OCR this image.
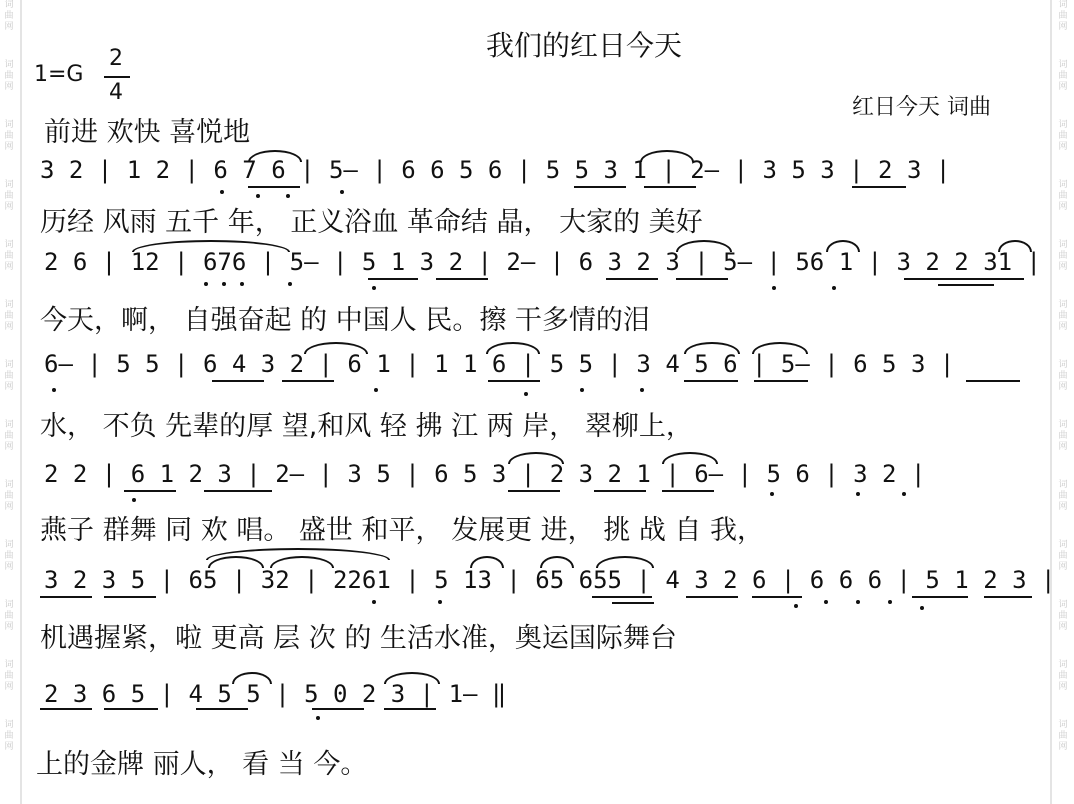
词曲网
词曲网
词曲网
词曲网
词曲网
词曲网
词曲网
词曲网
词曲网
词曲网
词曲网
词曲网
词曲网
词曲网
词曲网
词曲网
词曲网
词曲网
词曲网
词曲网
词曲网
词曲网
词曲网
词曲网
词曲网
词曲网
我们的红日今天
1=G
2
4
红日今天 词曲
前进 欢快 喜悦地
3 2 | 1 2 | 6 7 6 | 5— | 6 6 5 6 | 5 5 3 1 | 2— | 3 5 3 | 2 3 |
历经 风雨 五千 年， 正义浴血 革命结 晶， 大家的 美好
2 6 | 12 | 676 | 5— | 5 1 3 2 | 2— | 6 3 2 3 | 5— | 56 1 | 3 2 2 31 |
今天，啊， 自强奋起 的 中国人 民。擦 干多情的泪
6— | 5 5 | 6 4 3 2 | 6 1 | 1 1 6 | 5 5 | 3 4 5 6 | 5— | 6 5 3 |
水， 不负 先辈的厚 望,和风 轻 拂 江 两 岸， 翠柳上，
2 2 | 6 1 2 3 | 2— | 3 5 | 6 5 3 | 2 3 2 1 | 6— | 5 6 | 3 2 |
燕子 群舞 同 欢 唱。 盛世 和平， 发展更 进， 挑 战 自 我，
3 2 3 5 | 65 | 32 | 2261 | 5 13 | 65 655 | 4 3 2 6 | 6 6 6 | 5 1 2 3 |
机遇握紧，啦 更高 层 次 的 生活水准，奥运国际舞台
2 3 6 5 | 4 5 5 | 5 0 2 3 | 1— ‖
上的金牌 丽人， 看 当 今。
